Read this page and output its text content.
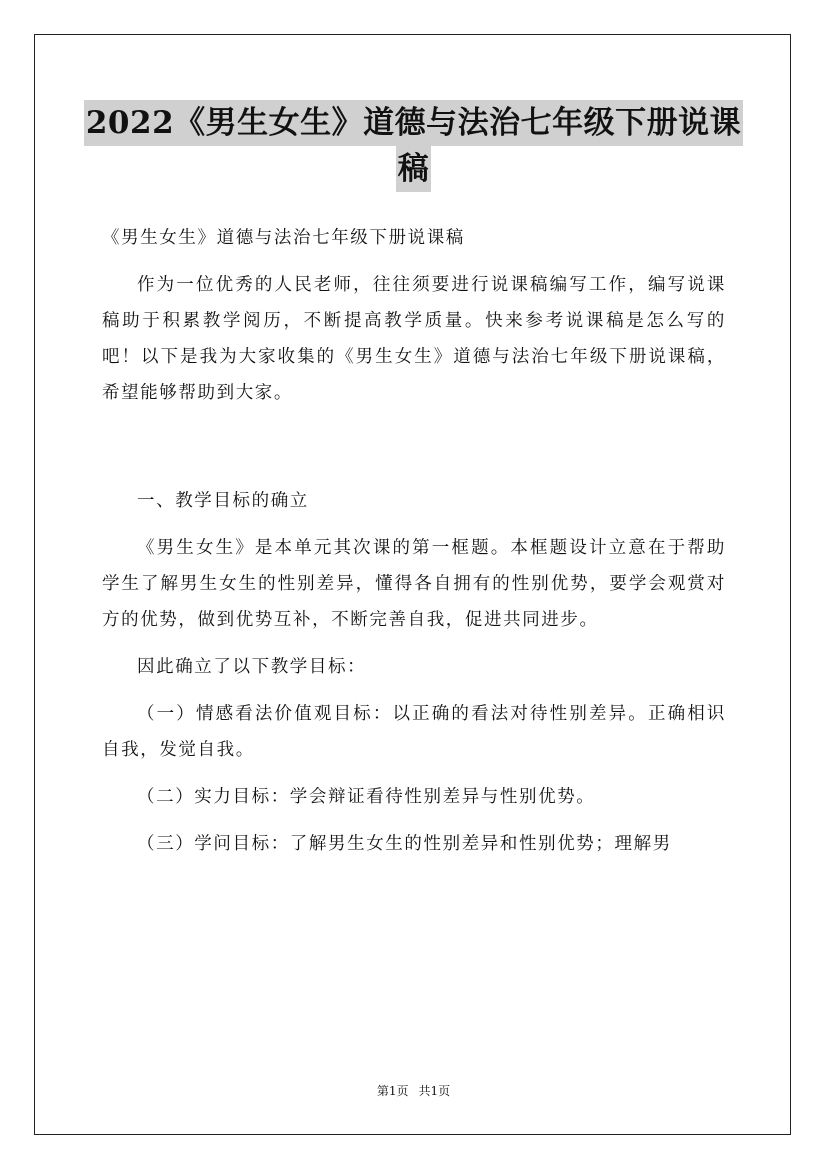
2022《男生女生》道德与法治七年级下册说课
稿

《男生女生》道德与法治七年级下册说课稿

作为一位优秀的人民老师，往往须要进行说课稿编写工作，编写说课稿助于积累教学阅历，不断提高教学质量。快来参考说课稿是怎么写的吧！以下是我为大家收集的《男生女生》道德与法治七年级下册说课稿，希望能够帮助到大家。

一、教学目标的确立

《男生女生》是本单元其次课的第一框题。本框题设计立意在于帮助学生了解男生女生的性别差异，懂得各自拥有的性别优势，要学会观赏对方的优势，做到优势互补，不断完善自我，促进共同进步。

因此确立了以下教学目标：

（一）情感看法价值观目标：以正确的看法对待性别差异。正确相识自我，发觉自我。

（二）实力目标：学会辩证看待性别差异与性别优势。

（三）学问目标：了解男生女生的性别差异和性别优势；理解男

第1页 共1页
